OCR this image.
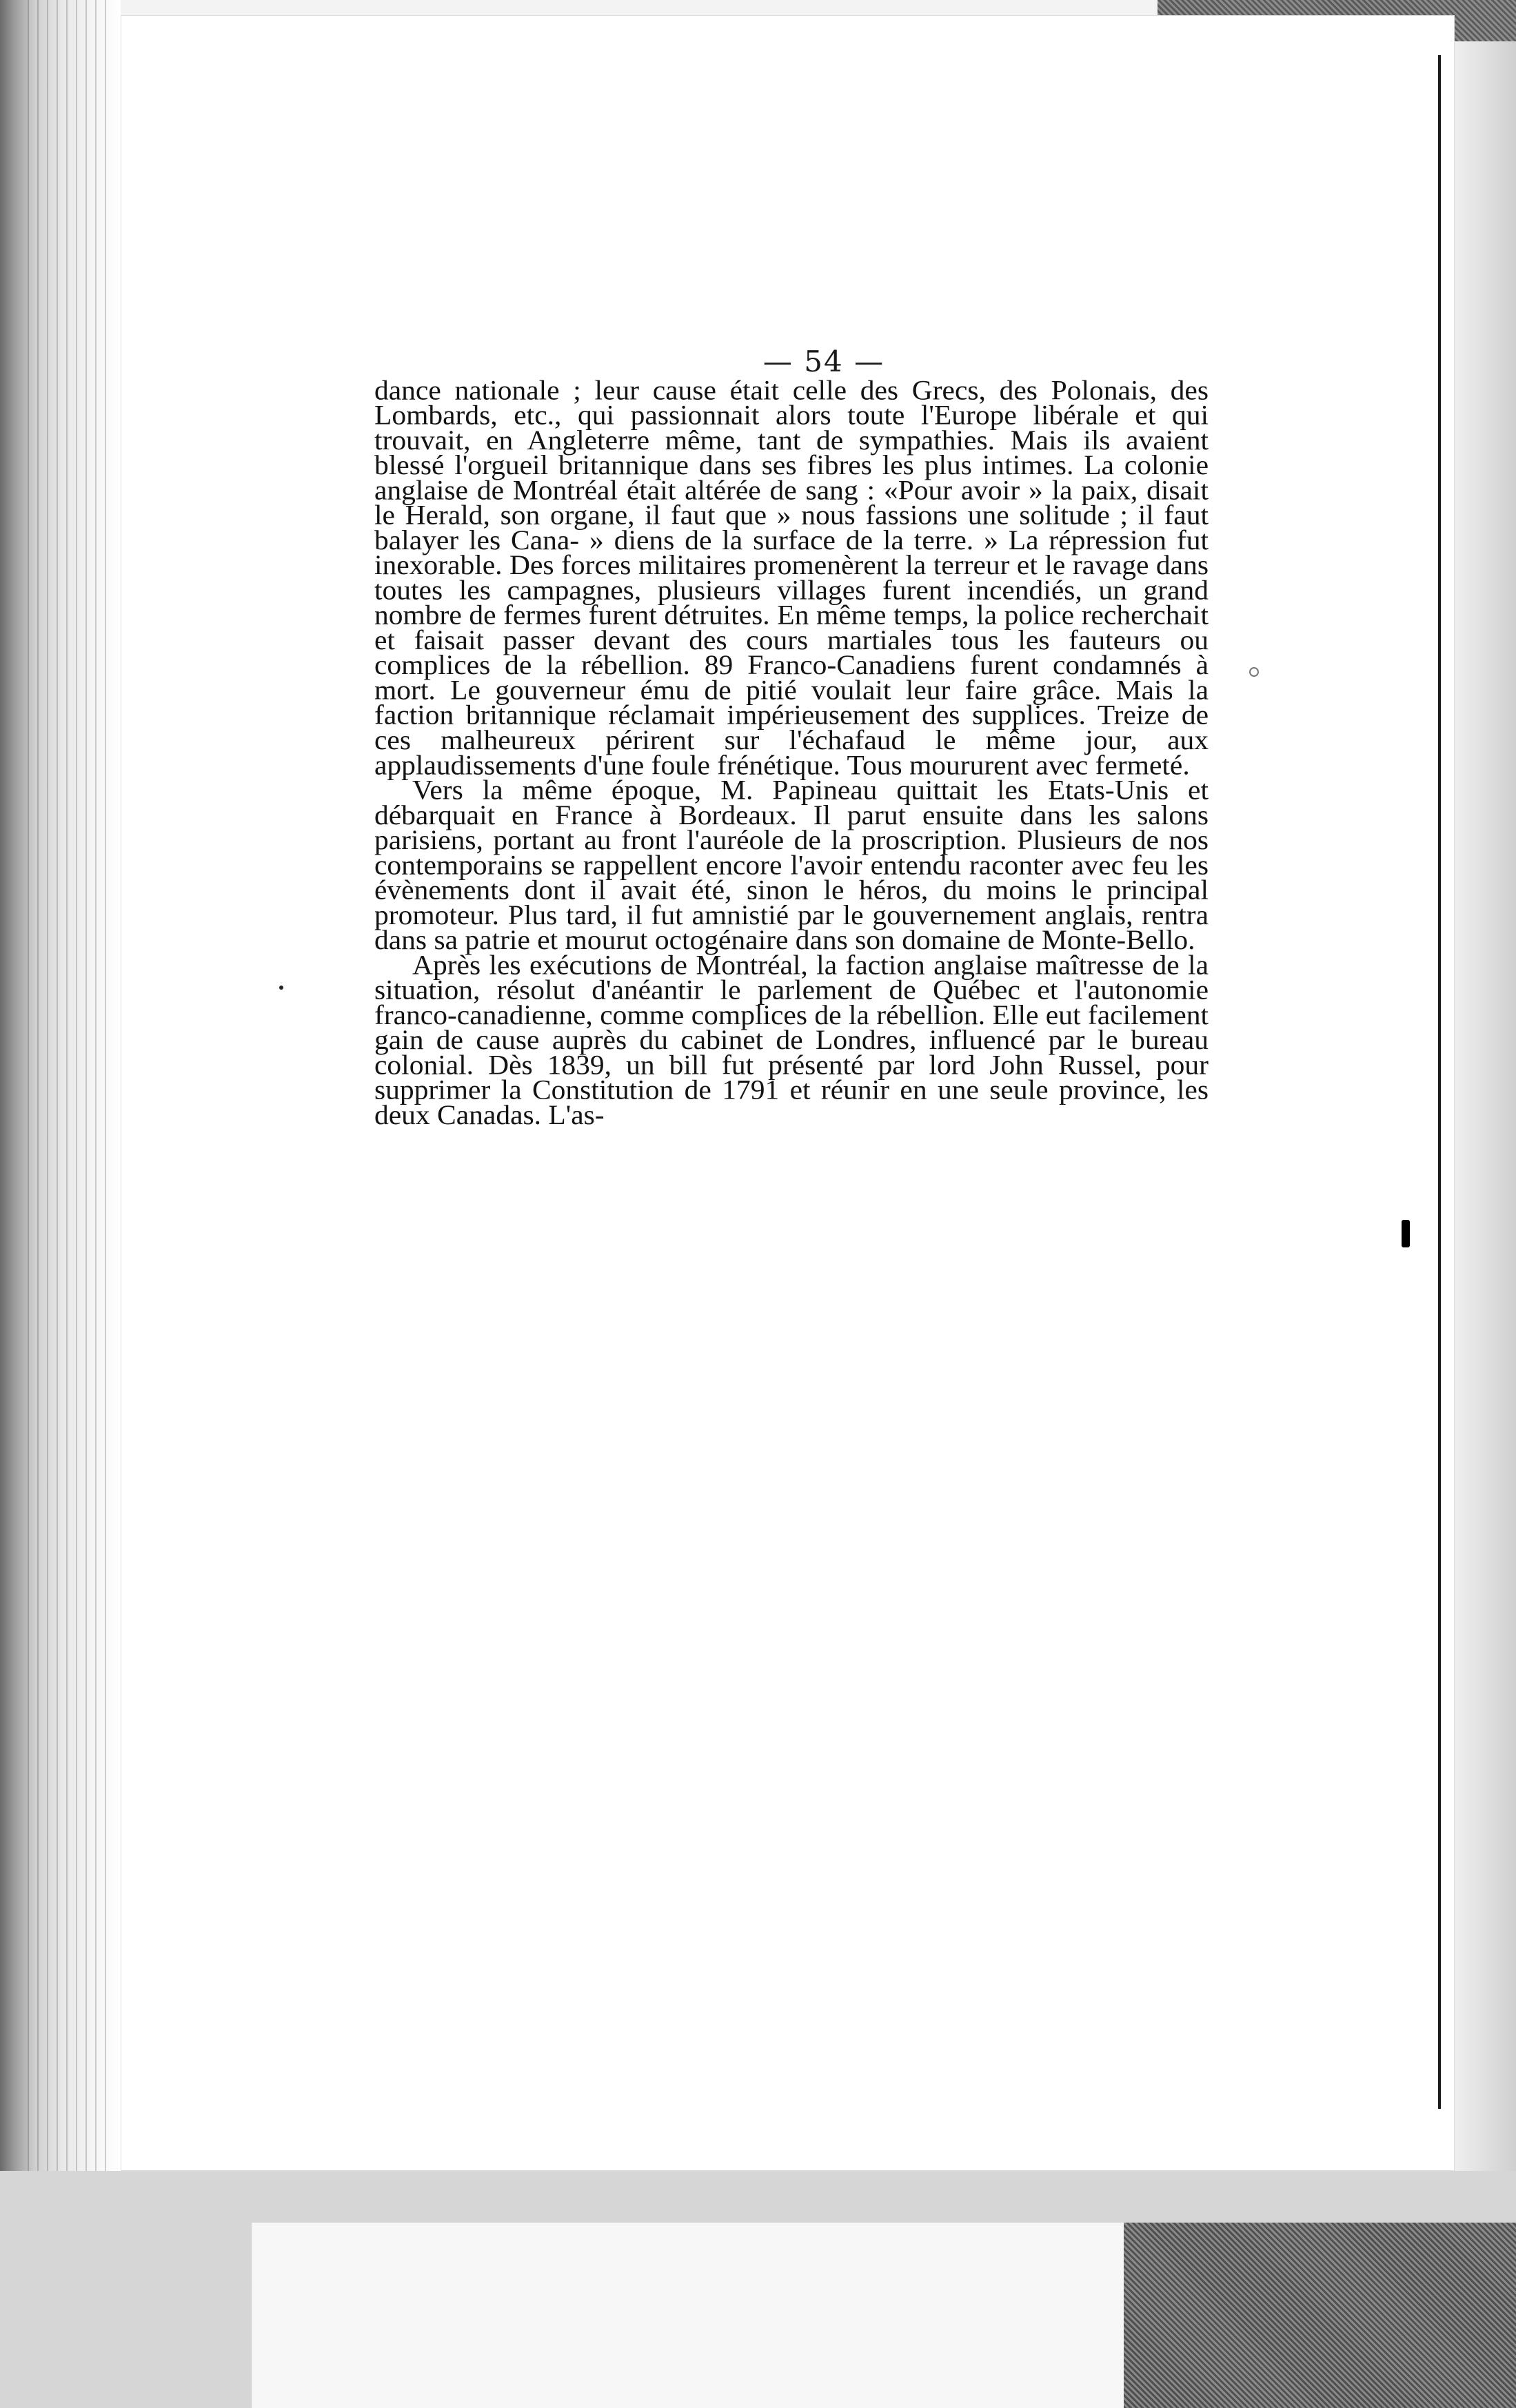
— 54 —

dance nationale ; leur cause était celle des Grecs, des Polonais, des Lombards, etc., qui passionnait alors toute l'Europe libérale et qui trouvait, en Angleterre même, tant de sympathies. Mais ils avaient blessé l'orgueil britannique dans ses fibres les plus intimes. La colonie anglaise de Montréal était altérée de sang : «Pour avoir » la paix, disait le Herald, son organe, il faut que » nous fassions une solitude ; il faut balayer les Cana- » diens de la surface de la terre. » La répression fut inexorable. Des forces militaires promenèrent la terreur et le ravage dans toutes les campagnes, plusieurs villages furent incendiés, un grand nombre de fermes furent détruites. En même temps, la police recherchait et faisait passer devant des cours martiales tous les fauteurs ou complices de la rébellion. 89 Franco-Canadiens furent condamnés à mort. Le gouverneur ému de pitié voulait leur faire grâce. Mais la faction britannique réclamait impérieusement des supplices. Treize de ces malheureux périrent sur l'échafaud le même jour, aux applaudissements d'une foule frénétique. Tous moururent avec fermeté.

Vers la même époque, M. Papineau quittait les Etats-Unis et débarquait en France à Bordeaux. Il parut ensuite dans les salons parisiens, portant au front l'auréole de la proscription. Plusieurs de nos contemporains se rappellent encore l'avoir entendu raconter avec feu les évènements dont il avait été, sinon le héros, du moins le principal promoteur. Plus tard, il fut amnistié par le gouvernement anglais, rentra dans sa patrie et mourut octogénaire dans son domaine de Monte-Bello.

Après les exécutions de Montréal, la faction anglaise maîtresse de la situation, résolut d'anéantir le parlement de Québec et l'autonomie franco-canadienne, comme complices de la rébellion. Elle eut facilement gain de cause auprès du cabinet de Londres, influencé par le bureau colonial. Dès 1839, un bill fut présenté par lord John Russel, pour supprimer la Constitution de 1791 et réunir en une seule province, les deux Canadas. L'as-
